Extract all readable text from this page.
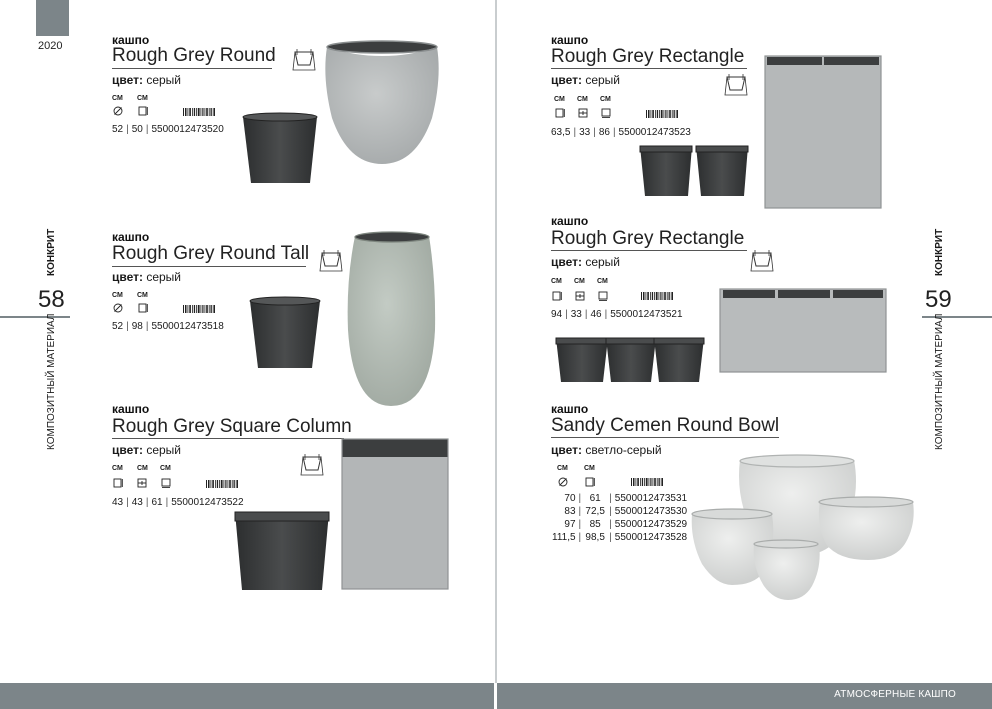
2020
АТМОСФЕРНЫЕ КАШПО
КОНКРИТ
58
КОМПОЗИТНЫЙ МАТЕРИАЛ
КОНКРИТ
59
КОМПОЗИТНЫЙ МАТЕРИАЛ
кашпо
Rough Grey Round
цвет: серый
СМ СМ
52 | 50 | 5500012473520
кашпо
Rough Grey Round Tall
цвет: серый
СМ СМ
52 | 98 | 5500012473518
кашпо
Rough Grey Square Column
цвет: серый
СМ СМ СМ
43 | 43 | 61 | 5500012473522
кашпо
Rough Grey Rectangle
цвет: серый
СМ СМ СМ
63,5 | 33 | 86 | 5500012473523
кашпо
Rough Grey Rectangle
цвет: серый
СМ СМ СМ
94 | 33 | 46 | 5500012473521
кашпо
Sandy Cemen Round Bowl
цвет: светло-серый
СМ СМ
70	|	61	|	5500012473531
83	|	72,5	|	5500012473530
97	|	85	|	5500012473529
111,5	|	98,5	|	5500012473528
